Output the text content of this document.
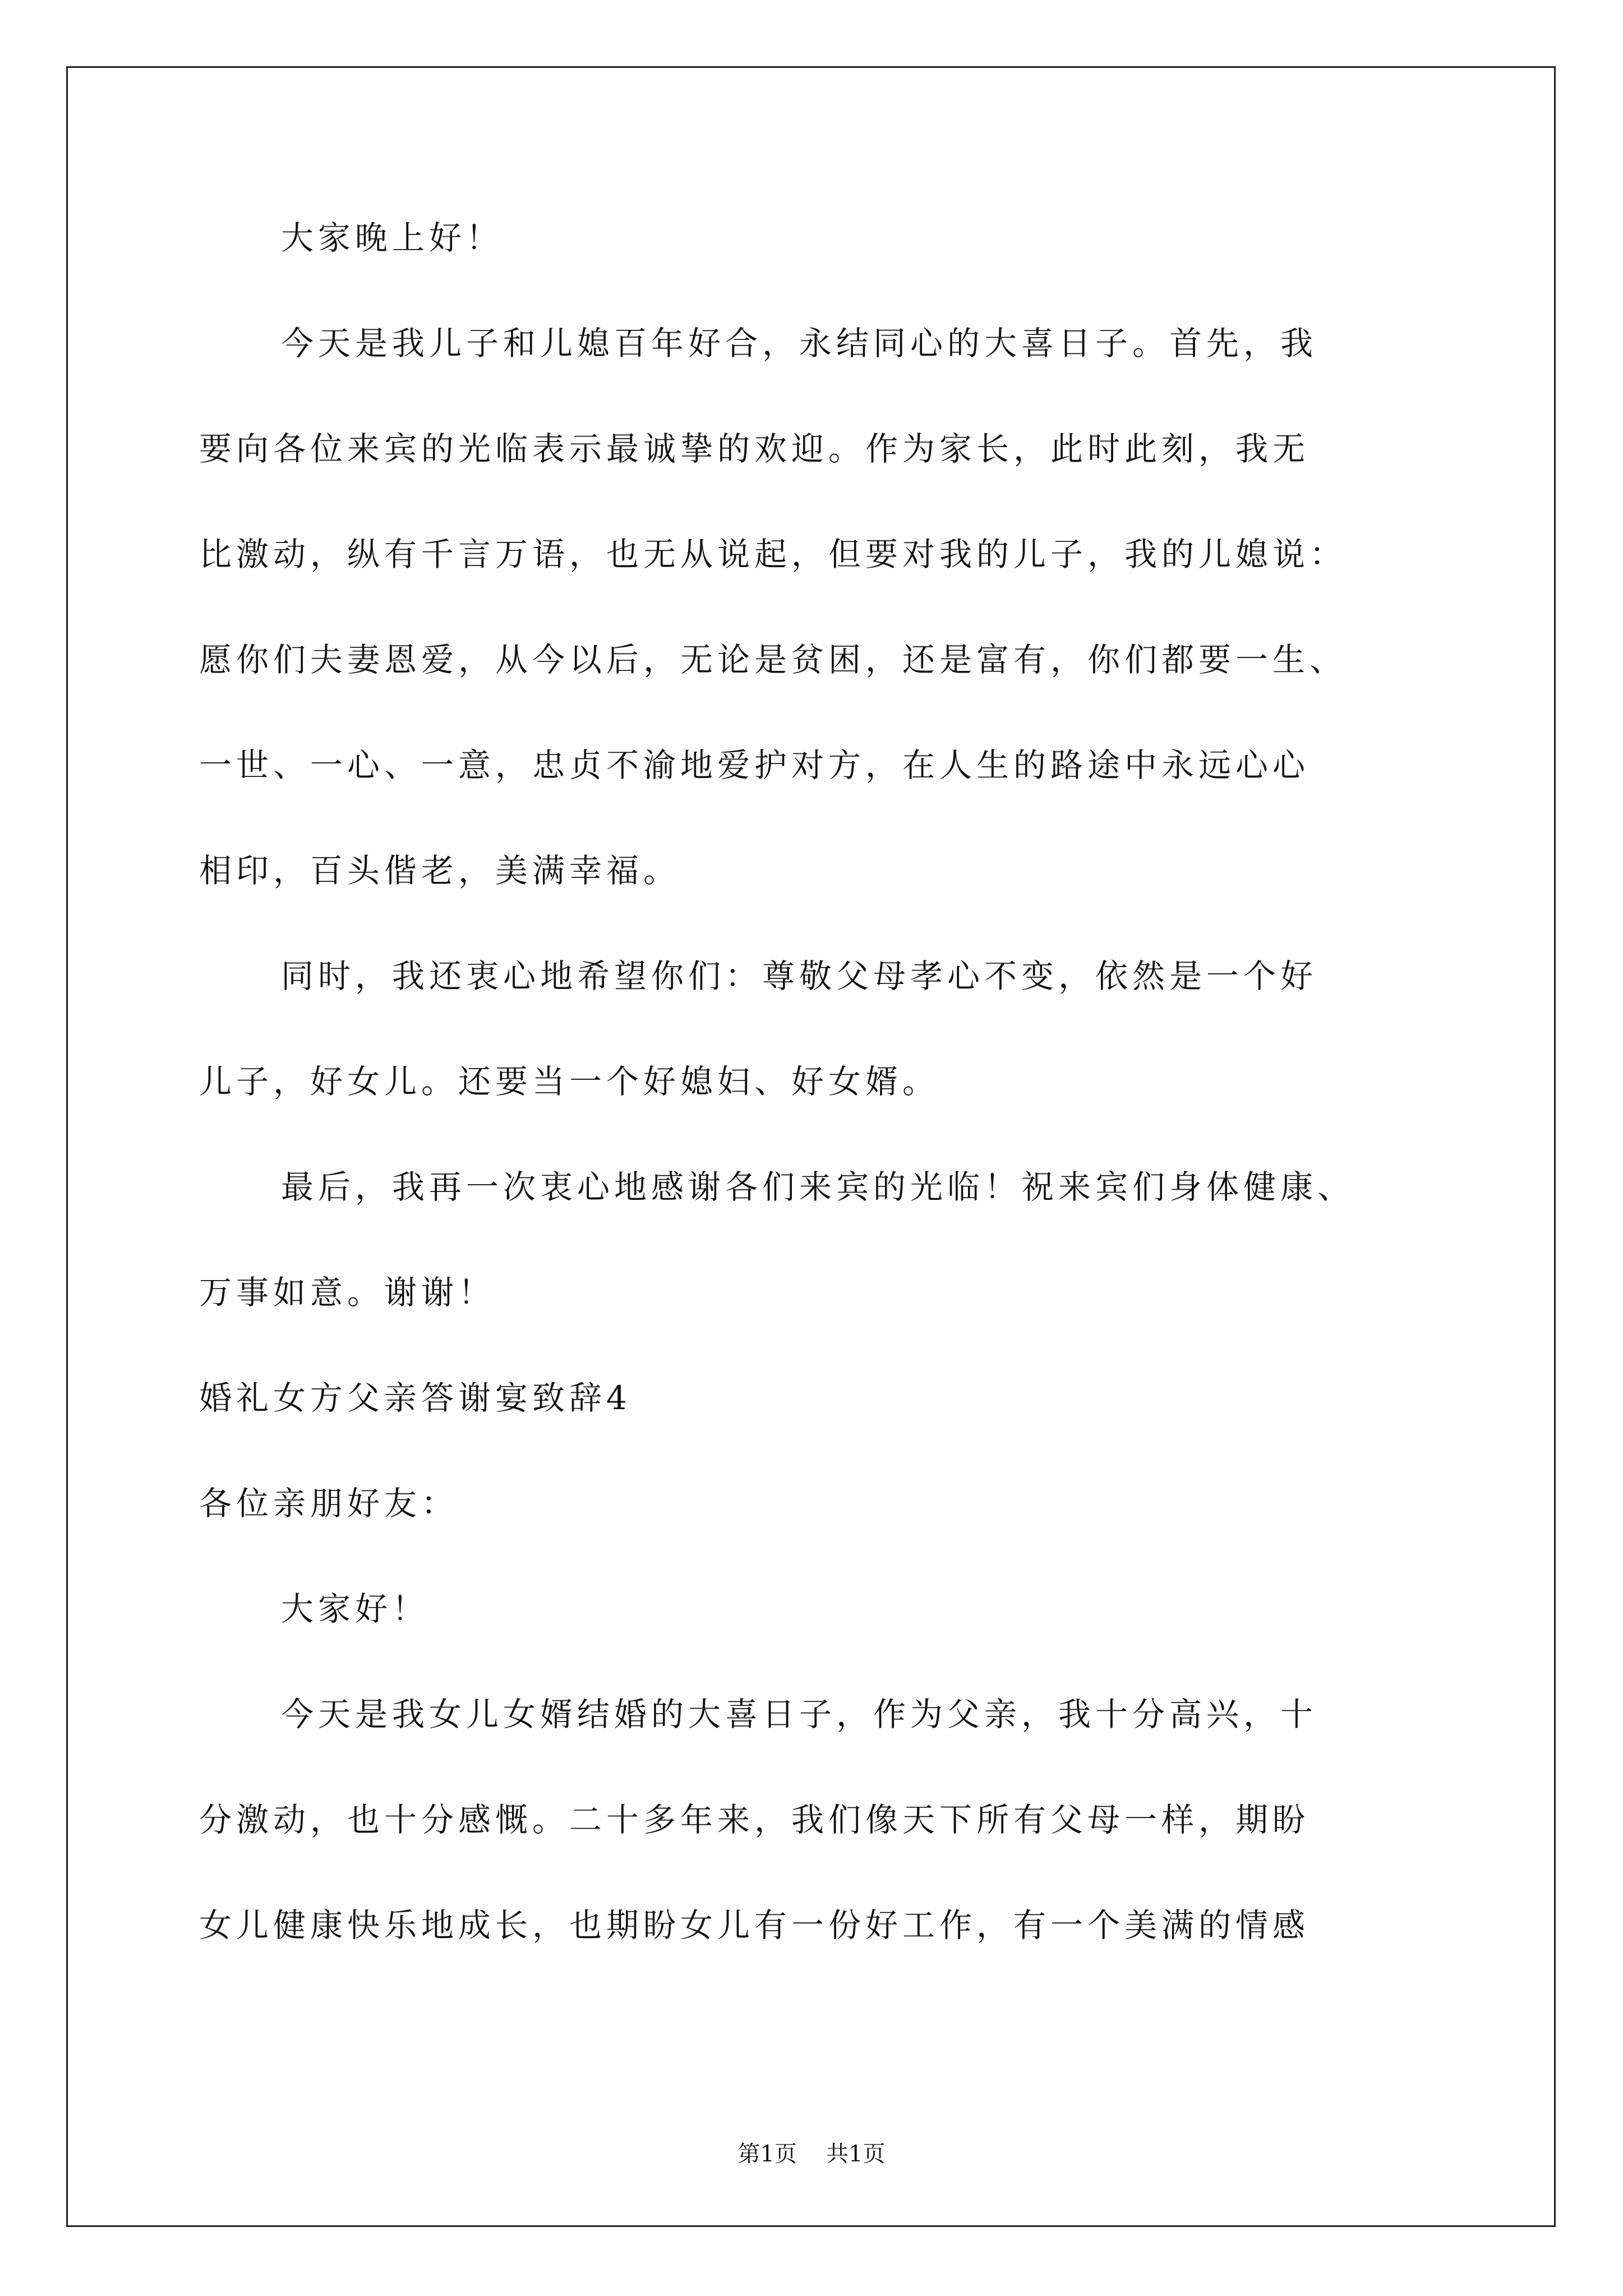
大家晚上好！
今天是我儿子和儿媳百年好合，永结同心的大喜日子。首先，我
要向各位来宾的光临表示最诚挚的欢迎。作为家长，此时此刻，我无
比激动，纵有千言万语，也无从说起，但要对我的儿子，我的儿媳说：
愿你们夫妻恩爱，从今以后，无论是贫困，还是富有，你们都要一生、
一世、一心、一意，忠贞不渝地爱护对方，在人生的路途中永远心心
相印，百头偕老，美满幸福。
同时，我还衷心地希望你们：尊敬父母孝心不变，依然是一个好
儿子，好女儿。还要当一个好媳妇、好女婿。
最后，我再一次衷心地感谢各们来宾的光临！祝来宾们身体健康、
万事如意。谢谢！
婚礼女方父亲答谢宴致辞4
各位亲朋好友：
大家好！
今天是我女儿女婿结婚的大喜日子，作为父亲，我十分高兴，十
分激动，也十分感慨。二十多年来，我们像天下所有父母一样，期盼
女儿健康快乐地成长，也期盼女儿有一份好工作，有一个美满的情感
第1页 共1页
